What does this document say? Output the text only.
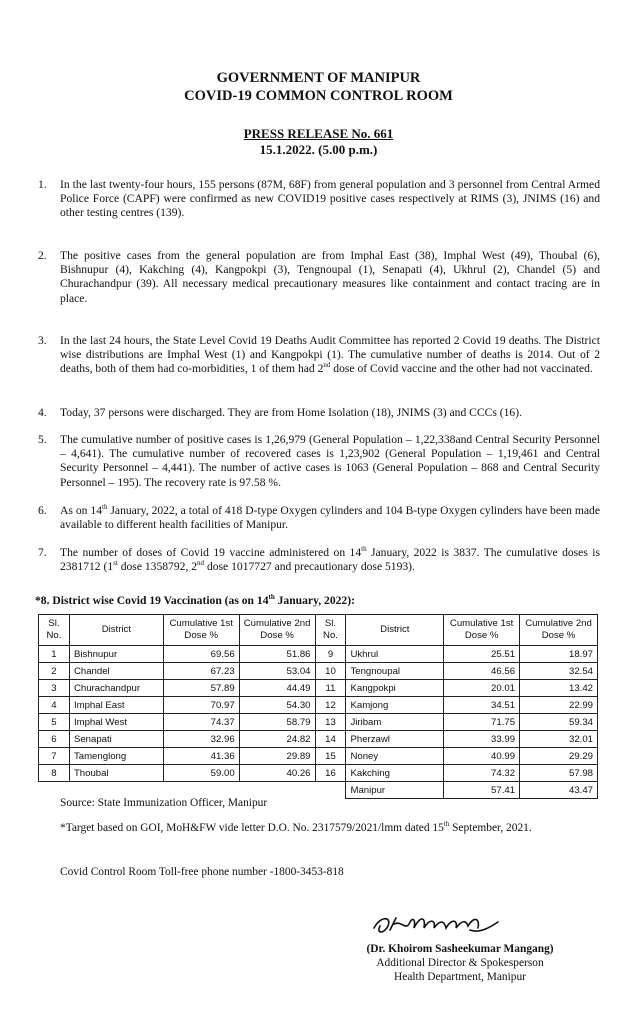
GOVERNMENT OF MANIPUR
COVID-19 COMMON CONTROL ROOM
PRESS RELEASE No. 661
15.1.2022. (5.00 p.m.)
1. In the last twenty-four hours, 155 persons (87M, 68F) from general population and 3 personnel from Central Armed Police Force (CAPF) were confirmed as new COVID19 positive cases respectively at RIMS (3), JNIMS (16) and other testing centres (139).
2. The positive cases from the general population are from Imphal East (38), Imphal West (49), Thoubal (6), Bishnupur (4), Kakching (4), Kangpokpi (3), Tengnoupal (1), Senapati (4), Ukhrul (2), Chandel (5) and Churachandpur (39). All necessary medical precautionary measures like containment and contact tracing are in place.
3. In the last 24 hours, the State Level Covid 19 Deaths Audit Committee has reported 2 Covid 19 deaths. The District wise distributions are Imphal West (1) and Kangpokpi (1). The cumulative number of deaths is 2014. Out of 2 deaths, both of them had co-morbidities, 1 of them had 2nd dose of Covid vaccine and the other had not vaccinated.
4. Today, 37 persons were discharged. They are from Home Isolation (18), JNIMS (3) and CCCs (16).
5. The cumulative number of positive cases is 1,26,979 (General Population – 1,22,338and Central Security Personnel – 4,641). The cumulative number of recovered cases is 1,23,902 (General Population – 1,19,461 and Central Security Personnel – 4,441). The number of active cases is 1063 (General Population – 868 and Central Security Personnel – 195). The recovery rate is 97.58 %.
6. As on 14th January, 2022, a total of 418 D-type Oxygen cylinders and 104 B-type Oxygen cylinders have been made available to different health facilities of Manipur.
7. The number of doses of Covid 19 vaccine administered on 14th January, 2022 is 3837. The cumulative doses is 2381712 (1st dose 1358792, 2nd dose 1017727 and precautionary dose 5193).
*8. District wise Covid 19 Vaccination (as on 14th January, 2022):
Sl. No.	District	Cumulative 1st Dose %	Cumulative 2nd Dose %	Sl. No.	District	Cumulative 1st Dose %	Cumulative 2nd Dose %
1	Bishnupur	69.56	51.86	9	Ukhrul	25.51	18.97
2	Chandel	67.23	53.04	10	Tengnoupal	46.56	32.54
3	Churachandpur	57.89	44.49	11	Kangpokpi	20.01	13.42
4	Imphal East	70.97	54.30	12	Kamjong	34.51	22.99
5	Imphal West	74.37	58.79	13	Jiribam	71.75	59.34
6	Senapati	32.96	24.82	14	Pherzawl	33.99	32.01
7	Tamenglong	41.36	29.89	15	Noney	40.99	29.29
8	Thoubal	59.00	40.26	16	Kakching	74.32	57.98
					Manipur	57.41	43.47
Source: State Immunization Officer, Manipur
*Target based on GOI, MoH&FW vide letter D.O. No. 2317579/2021/lmm dated 15th September, 2021.
Covid Control Room Toll-free phone number -1800-3453-818
(Dr. Khoirom Sasheekumar Mangang)
Additional Director & Spokesperson
Health Department, Manipur
